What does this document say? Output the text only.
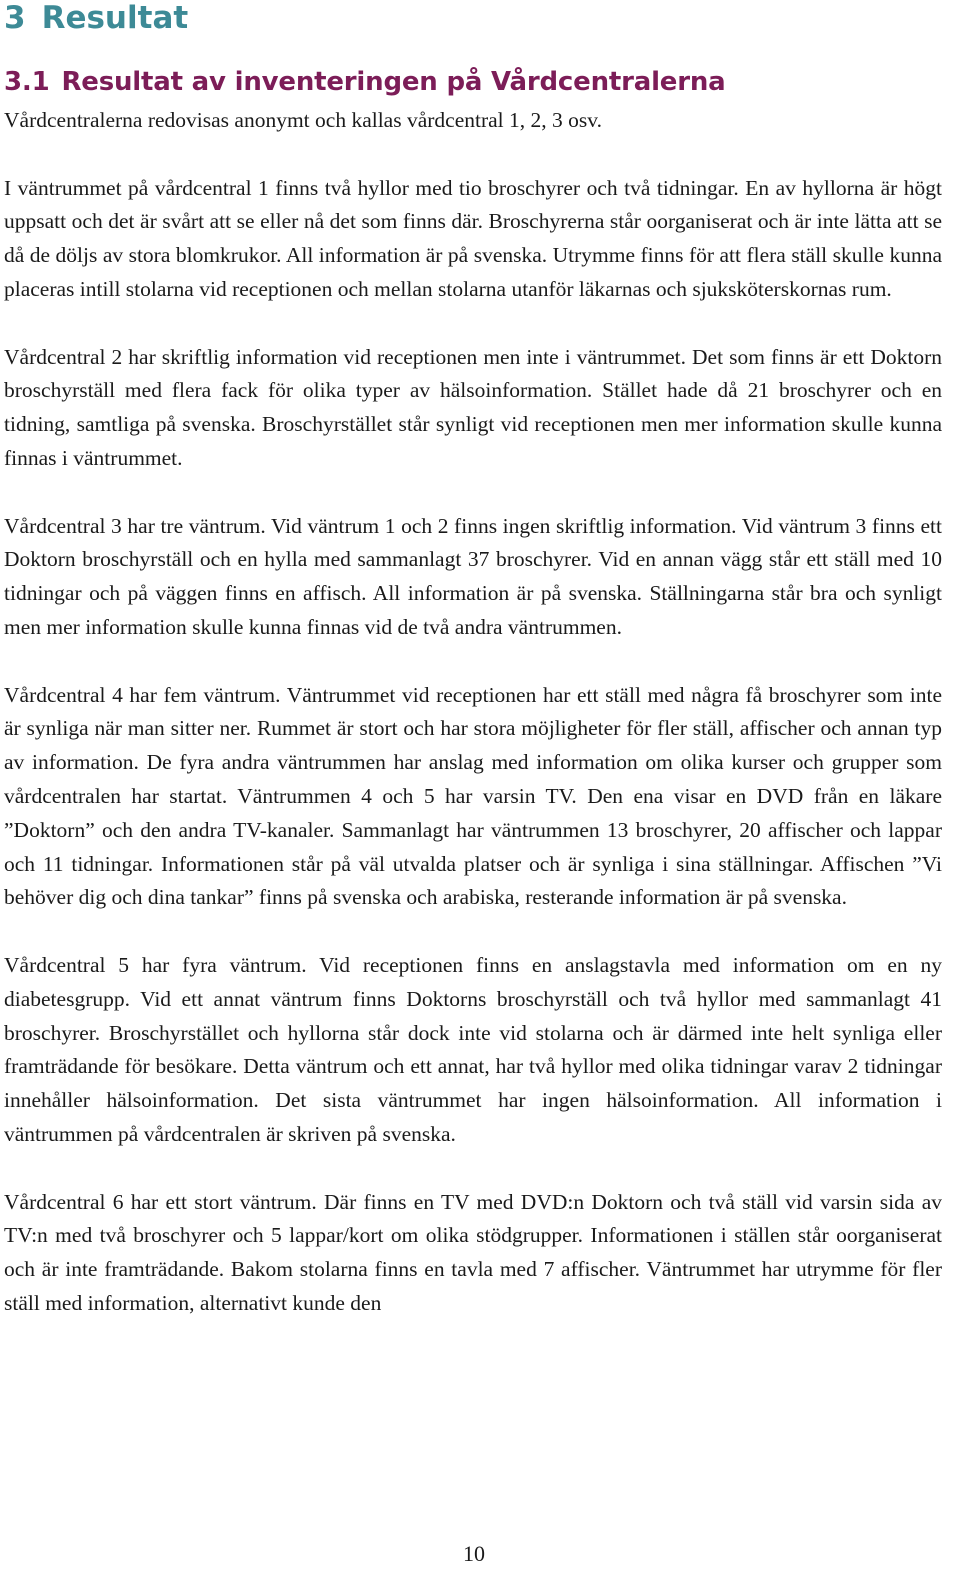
3 Resultat
3.1 Resultat av inventeringen på Vårdcentralerna

Vårdcentralerna redovisas anonymt och kallas vårdcentral 1, 2, 3 osv.

I väntrummet på vårdcentral 1 finns två hyllor med tio broschyrer och två tidningar. En av hyllorna är högt uppsatt och det är svårt att se eller nå det som finns där. Broschyrerna står oorganiserat och är inte lätta att se då de döljs av stora blomkrukor. All information är på svenska. Utrymme finns för att flera ställ skulle kunna placeras intill stolarna vid receptionen och mellan stolarna utanför läkarnas och sjuksköterskornas rum.

Vårdcentral 2 har skriftlig information vid receptionen men inte i väntrummet. Det som finns är ett Doktorn broschyrställ med flera fack för olika typer av hälsoinformation. Stället hade då 21 broschyrer och en tidning, samtliga på svenska. Broschyrstället står synligt vid receptionen men mer information skulle kunna finnas i väntrummet.

Vårdcentral 3 har tre väntrum. Vid väntrum 1 och 2 finns ingen skriftlig information. Vid väntrum 3 finns ett Doktorn broschyrställ och en hylla med sammanlagt 37 broschyrer. Vid en annan vägg står ett ställ med 10 tidningar och på väggen finns en affisch. All information är på svenska. Ställningarna står bra och synligt men mer information skulle kunna finnas vid de två andra väntrummen.

Vårdcentral 4 har fem väntrum. Väntrummet vid receptionen har ett ställ med några få broschyrer som inte är synliga när man sitter ner. Rummet är stort och har stora möjligheter för fler ställ, affischer och annan typ av information. De fyra andra väntrummen har anslag med information om olika kurser och grupper som vårdcentralen har startat. Väntrummen 4 och 5 har varsin TV. Den ena visar en DVD från en läkare ”Doktorn” och den andra TV-kanaler. Sammanlagt har väntrummen 13 broschyrer, 20 affischer och lappar och 11 tidningar. Informationen står på väl utvalda platser och är synliga i sina ställningar. Affischen ”Vi behöver dig och dina tankar” finns på svenska och arabiska, resterande information är på svenska.

Vårdcentral 5 har fyra väntrum. Vid receptionen finns en anslagstavla med information om en ny diabetesgrupp. Vid ett annat väntrum finns Doktorns broschyrställ och två hyllor med sammanlagt 41 broschyrer. Broschyrstället och hyllorna står dock inte vid stolarna och är därmed inte helt synliga eller framträdande för besökare. Detta väntrum och ett annat, har två hyllor med olika tidningar varav 2 tidningar innehåller hälsoinformation. Det sista väntrummet har ingen hälsoinformation. All information i väntrummen på vårdcentralen är skriven på svenska.

Vårdcentral 6 har ett stort väntrum. Där finns en TV med DVD:n Doktorn och två ställ vid varsin sida av TV:n med två broschyrer och 5 lappar/kort om olika stödgrupper. Informationen i ställen står oorganiserat och är inte framträdande. Bakom stolarna finns en tavla med 7 affischer. Väntrummet har utrymme för fler ställ med information, alternativt kunde den

10
